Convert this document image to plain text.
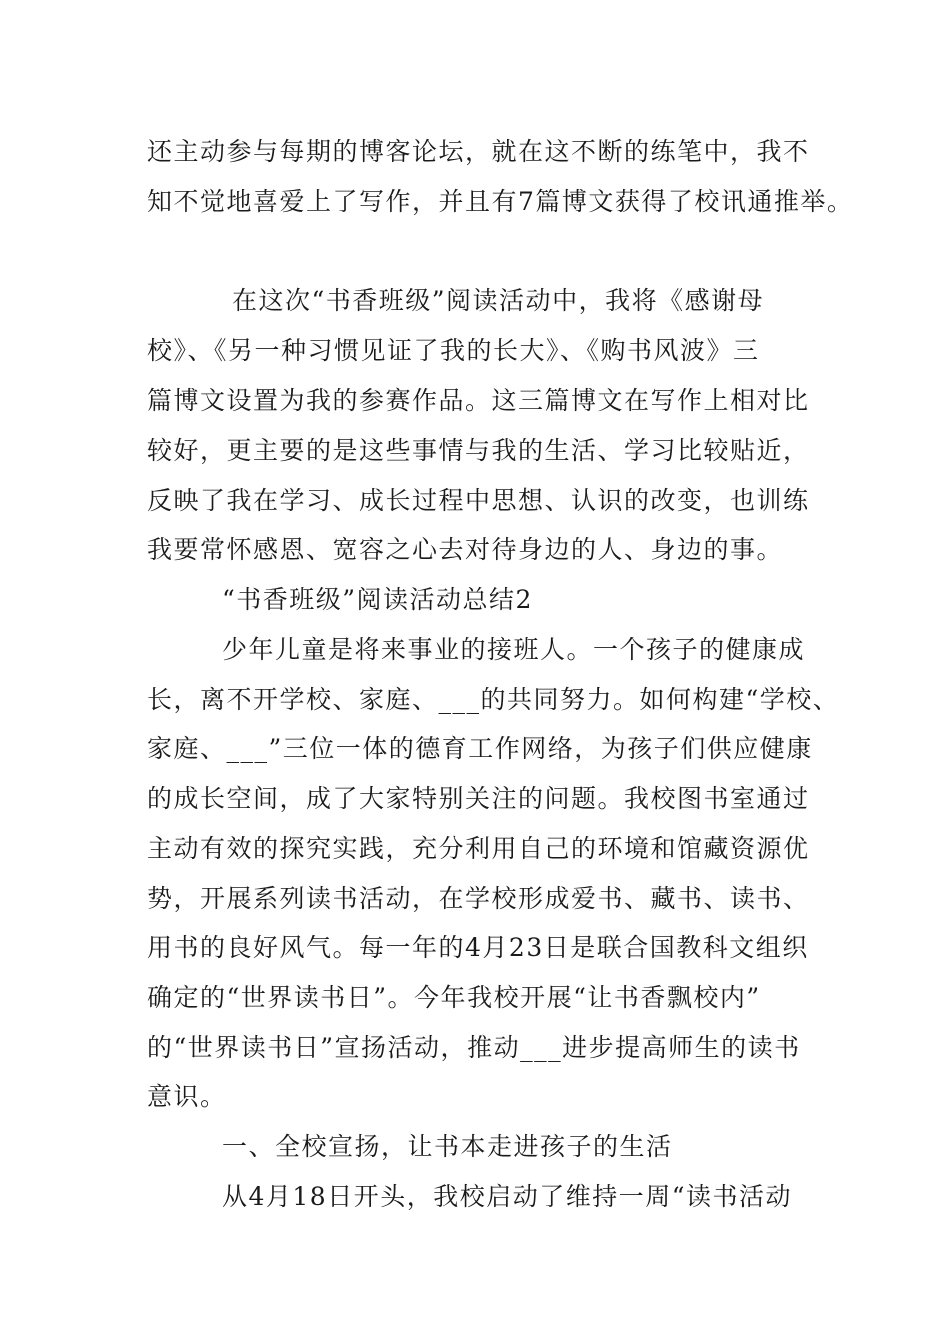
还主动参与每期的博客论坛，就在这不断的练笔中，我不
知不觉地喜爱上了写作，并且有7篇博文获得了校讯通推举。
在这次“书香班级”阅读活动中，我将《感谢母
校》、《另一种习惯见证了我的长大》、《购书风波》三
篇博文设置为我的参赛作品。这三篇博文在写作上相对比
较好，更主要的是这些事情与我的生活、学习比较贴近，
反映了我在学习、成长过程中思想、认识的改变，也训练
我要常怀感恩、宽容之心去对待身边的人、身边的事。
“书香班级”阅读活动总结2
少年儿童是将来事业的接班人。一个孩子的健康成
长，离不开学校、家庭、___的共同努力。如何构建“学校、
家庭、___”三位一体的德育工作网络，为孩子们供应健康
的成长空间，成了大家特别关注的问题。我校图书室通过
主动有效的探究实践，充分利用自己的环境和馆藏资源优
势，开展系列读书活动，在学校形成爱书、藏书、读书、
用书的良好风气。每一年的4月23日是联合国教科文组织
确定的“世界读书日”。今年我校开展“让书香飘校内”
的“世界读书日”宣扬活动，推动___进步提高师生的读书
意识。
一、全校宣扬，让书本走进孩子的生活
从4月18日开头，我校启动了维持一周“读书活动
